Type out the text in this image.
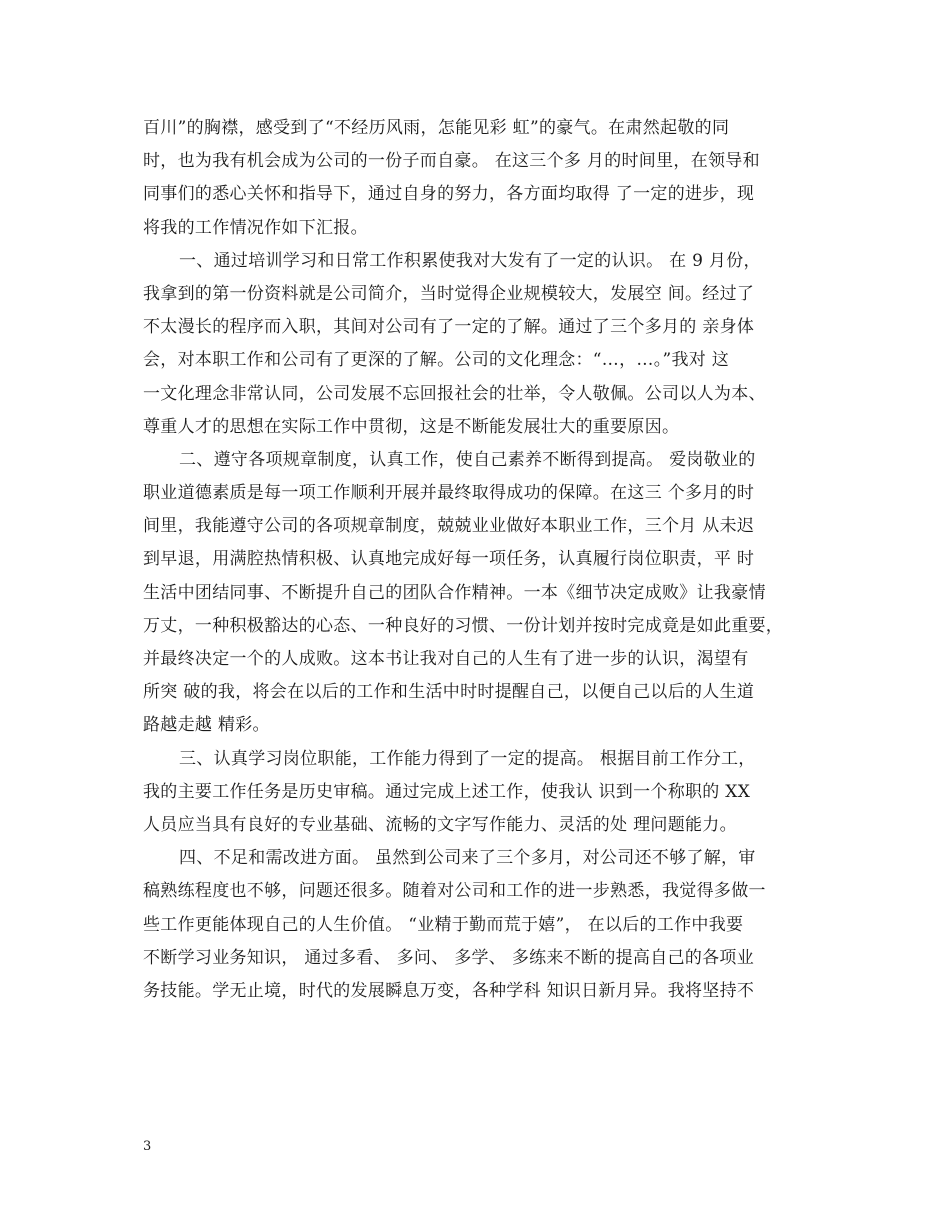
百川”的胸襟，感受到了“不经历风雨，怎能见彩 虹”的豪气。在肃然起敬的同
时，也为我有机会成为公司的一份子而自豪。 在这三个多 月的时间里，在领导和
同事们的悉心关怀和指导下，通过自身的努力，各方面均取得 了一定的进步，现
将我的工作情况作如下汇报。

一、通过培训学习和日常工作积累使我对大发有了一定的认识。 在 9 月份，
我拿到的第一份资料就是公司简介，当时觉得企业规模较大，发展空 间。经过了
不太漫长的程序而入职，其间对公司有了一定的了解。通过了三个多月的 亲身体
会，对本职工作和公司有了更深的了解。公司的文化理念：“…，…。”我对 这
一文化理念非常认同，公司发展不忘回报社会的壮举，令人敬佩。公司以人为本、
尊重人才的思想在实际工作中贯彻，这是不断能发展壮大的重要原因。

二、遵守各项规章制度，认真工作，使自己素养不断得到提高。 爱岗敬业的
职业道德素质是每一项工作顺利开展并最终取得成功的保障。在这三 个多月的时
间里，我能遵守公司的各项规章制度，兢兢业业做好本职业工作，三个月 从未迟
到早退，用满腔热情积极、认真地完成好每一项任务，认真履行岗位职责，平 时
生活中团结同事、不断提升自己的团队合作精神。一本《细节决定成败》让我豪情
万丈，一种积极豁达的心态、一种良好的习惯、一份计划并按时完成竟是如此重要，
并最终决定一个的人成败。这本书让我对自己的人生有了进一步的认识，渴望有
所突 破的我，将会在以后的工作和生活中时时提醒自己，以便自己以后的人生道
路越走越 精彩。

三、认真学习岗位职能，工作能力得到了一定的提高。 根据目前工作分工，
我的主要工作任务是历史审稿。通过完成上述工作，使我认 识到一个称职的 XX
人员应当具有良好的专业基础、流畅的文字写作能力、灵活的处 理问题能力。

四、不足和需改进方面。 虽然到公司来了三个多月，对公司还不够了解，审
稿熟练程度也不够，问题还很多。随着对公司和工作的进一步熟悉，我觉得多做一
些工作更能体现自己的人生价值。 “业精于勤而荒于嬉”， 在以后的工作中我要
不断学习业务知识， 通过多看、 多问、 多学、 多练来不断的提高自己的各项业
务技能。学无止境，时代的发展瞬息万变，各种学科 知识日新月异。我将坚持不

3
